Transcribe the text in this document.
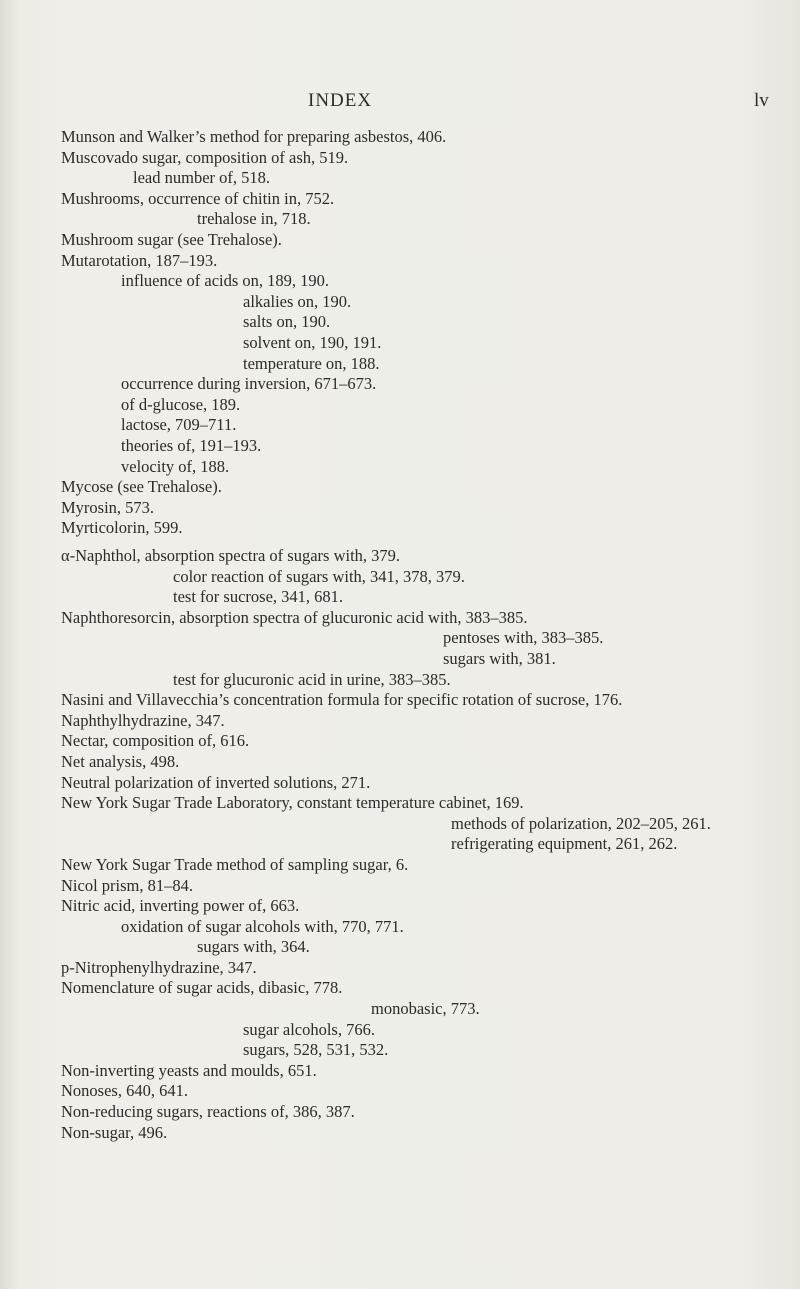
INDEX	lv
Munson and Walker’s method for preparing asbestos, 406.
Muscovado sugar, composition of ash, 519.
lead number of, 518.
Mushrooms, occurrence of chitin in, 752.
trehalose in, 718.
Mushroom sugar (see Trehalose).
Mutarotation, 187–193.
influence of acids on, 189, 190.
alkalies on, 190.
salts on, 190.
solvent on, 190, 191.
temperature on, 188.
occurrence during inversion, 671–673.
of d-glucose, 189.
lactose, 709–711.
theories of, 191–193.
velocity of, 188.
Mycose (see Trehalose).
Myrosin, 573.
Myrticolorin, 599.
α-Naphthol, absorption spectra of sugars with, 379.
color reaction of sugars with, 341, 378, 379.
test for sucrose, 341, 681.
Naphthoresorcin, absorption spectra of glucuronic acid with, 383–385.
pentoses with, 383–385.
sugars with, 381.
test for glucuronic acid in urine, 383–385.
Nasini and Villavecchia’s concentration formula for specific rotation of sucrose, 176.
Naphthylhydrazine, 347.
Nectar, composition of, 616.
Net analysis, 498.
Neutral polarization of inverted solutions, 271.
New York Sugar Trade Laboratory, constant temperature cabinet, 169.
methods of polarization, 202–205, 261.
refrigerating equipment, 261, 262.
New York Sugar Trade method of sampling sugar, 6.
Nicol prism, 81–84.
Nitric acid, inverting power of, 663.
oxidation of sugar alcohols with, 770, 771.
sugars with, 364.
p-Nitrophenylhydrazine, 347.
Nomenclature of sugar acids, dibasic, 778.
monobasic, 773.
sugar alcohols, 766.
sugars, 528, 531, 532.
Non-inverting yeasts and moulds, 651.
Nonoses, 640, 641.
Non-reducing sugars, reactions of, 386, 387.
Non-sugar, 496.
